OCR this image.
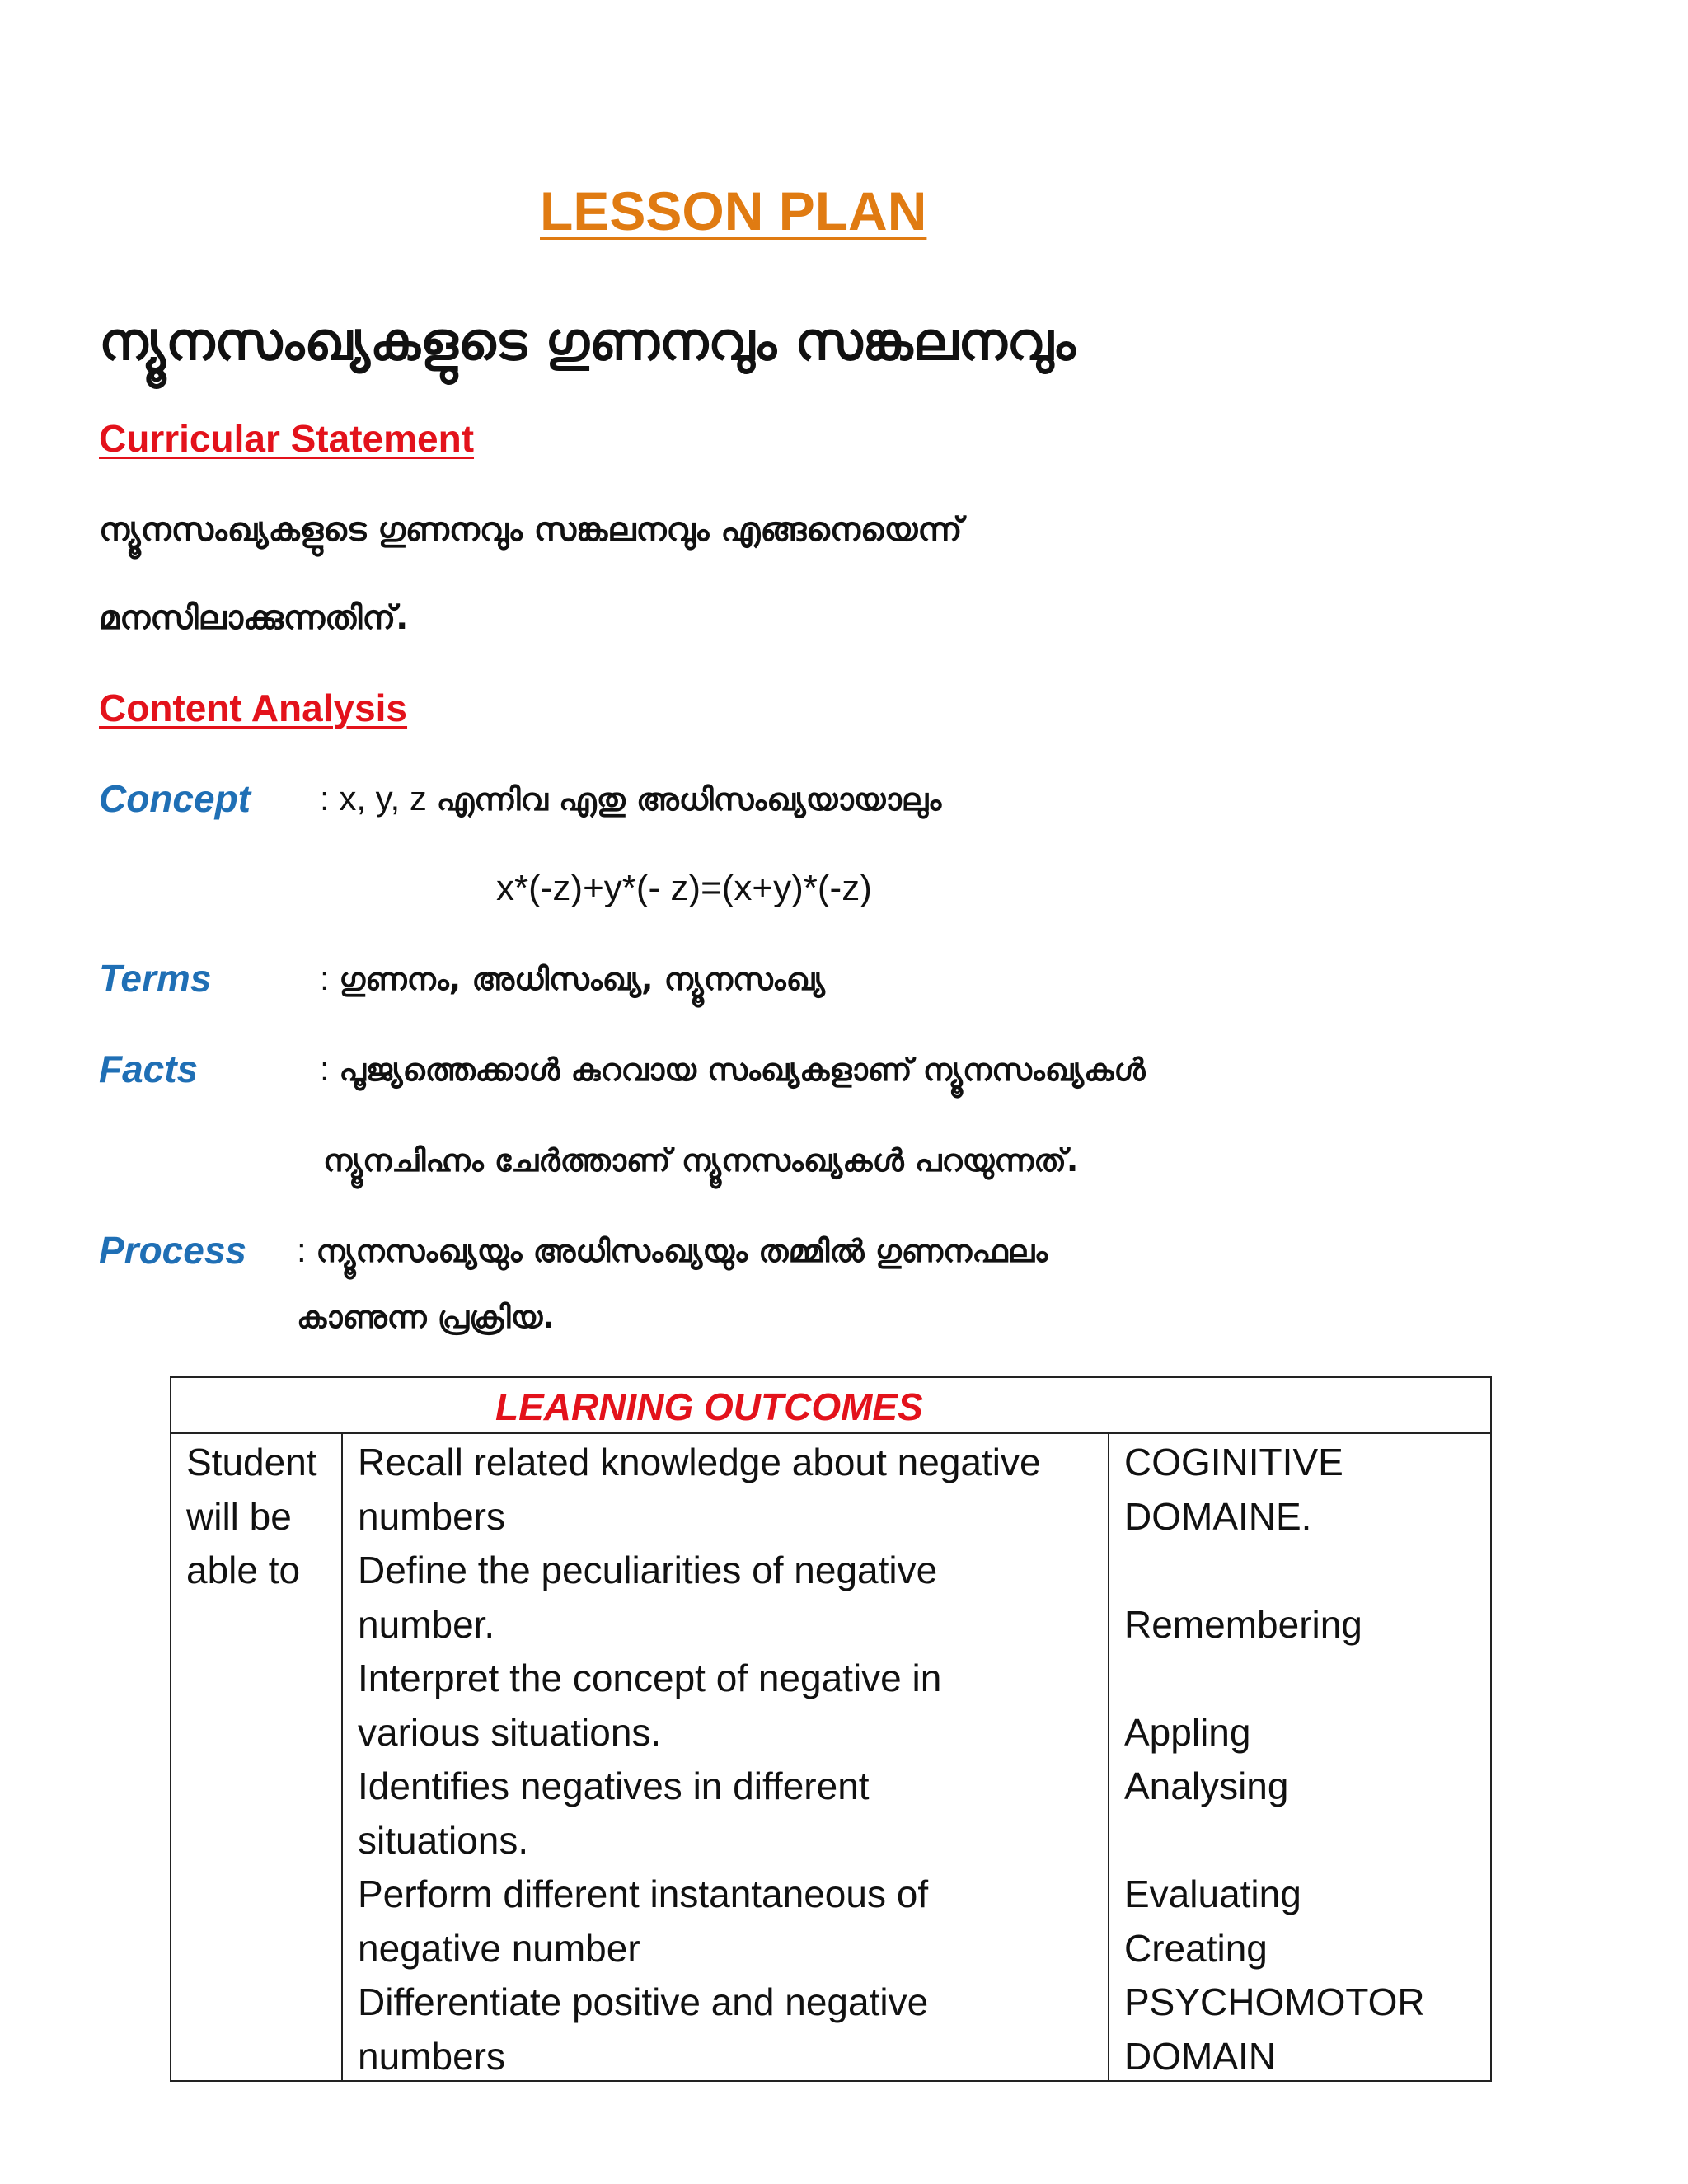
LESSON PLAN
ന്യൂനസംഖ്യകളുടെ ഗുണനവും സങ്കലനവും
Curricular Statement
ന്യൂനസംഖ്യകളുടെ ഗുണനവും സങ്കലനവും എങ്ങനെയെന്ന്
മനസിലാക്കുന്നതിന്.
Content Analysis
Concept : x, y, z എന്നിവ എതു അധിസംഖ്യയായാലും
x*(-z)+y*(- z)=(x+y)*(-z)
Terms	: ഗുണനം, അധിസംഖ്യ, ന്യൂനസംഖ്യ
Facts	: പൂജ്യത്തെക്കാൾ കുറവായ സംഖ്യകളാണ് ന്യൂനസംഖ്യകൾ
ന്യൂനചിഹ്നം ചേർത്താണ് ന്യൂനസംഖ്യകൾ പറയുന്നത്.
Process : ന്യൂനസംഖ്യയും അധിസംഖ്യയും തമ്മിൽ ഗുണനഫലം
കാണുന്ന പ്രക്രിയ.
LEARNING OUTCOMES
Student
will be
able to
Recall related knowledge about negative
numbers
Define the peculiarities of negative
number.
Interpret the concept of negative in
various situations.
Identifies negatives in different
situations.
Perform different instantaneous of
negative number
Differentiate positive and negative
numbers
COGINITIVE
DOMAINE.
Remembering
Appling
Analysing
Evaluating
Creating
PSYCHOMOTOR
DOMAIN
